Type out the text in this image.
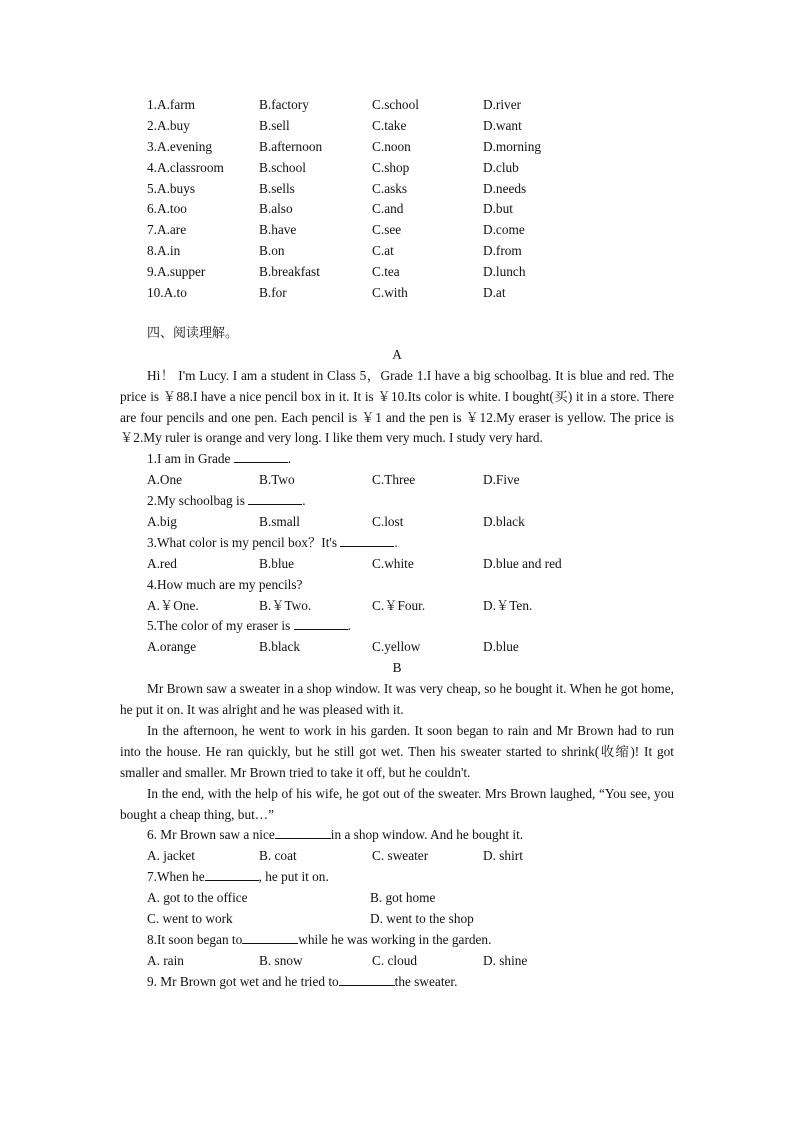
1.A.farm	B.factory	C.school	D.river
2.A.buy	B.sell	C.take	D.want
3.A.evening	B.afternoon	C.noon	D.morning
4.A.classroom	B.school	C.shop	D.club
5.A.buys	B.sells	C.asks	D.needs
6.A.too	B.also	C.and	D.but
7.A.are	B.have	C.see	D.come
8.A.in	B.on	C.at	D.from
9.A.supper	B.breakfast	C.tea	D.lunch
10.A.to	B.for	C.with	D.at
四、阅读理解。
A
Hi！ I'm Lucy. I am a student in Class 5，Grade 1.I have a big schoolbag. It is blue and red. The price is ￥88.I have a nice pencil box in it. It is ￥10.Its color is white. I bought(买) it in a store. There are four pencils and one pen. Each pencil is ￥1 and the pen is ￥12.My eraser is yellow. The price is ￥2.My ruler is orange and very long. I like them very much. I study very hard.
1.I am in Grade	.
A.One	B.Two	C.Three	D.Five
2.My schoolbag is	.
A.big	B.small	C.lost	D.black
3.What color is my pencil box？It's	.
A.red	B.blue	C.white	D.blue and red
4.How much are my pencils?
A.￥One.	B.￥Two.	C.￥Four.	D.￥Ten.
5.The color of my eraser is	.
A.orange	B.black	C.yellow	D.blue
B
Mr Brown saw a sweater in a shop window. It was very cheap, so he bought it. When he got home, he put it on. It was alright and he was pleased with it.
In the afternoon, he went to work in his garden. It soon began to rain and Mr Brown had to run into the house. He ran quickly, but he still got wet. Then his sweater started to shrink(收缩)! It got smaller and smaller. Mr Brown tried to take it off, but he couldn't.
In the end, with the help of his wife, he got out of the sweater. Mrs Brown laughed, “You see, you bought a cheap thing, but…”
6. Mr Brown saw a nice	in a shop window. And he bought it.
A. jacket	B. coat	C. sweater	D. shirt
7.When he	, he put it on.
A. got to the office	B. got home
C. went to work	D. went to the shop
8.It soon began to	while he was working in the garden.
A. rain	B. snow	C. cloud	D. shine
9. Mr Brown got wet and he tried to	the sweater.
